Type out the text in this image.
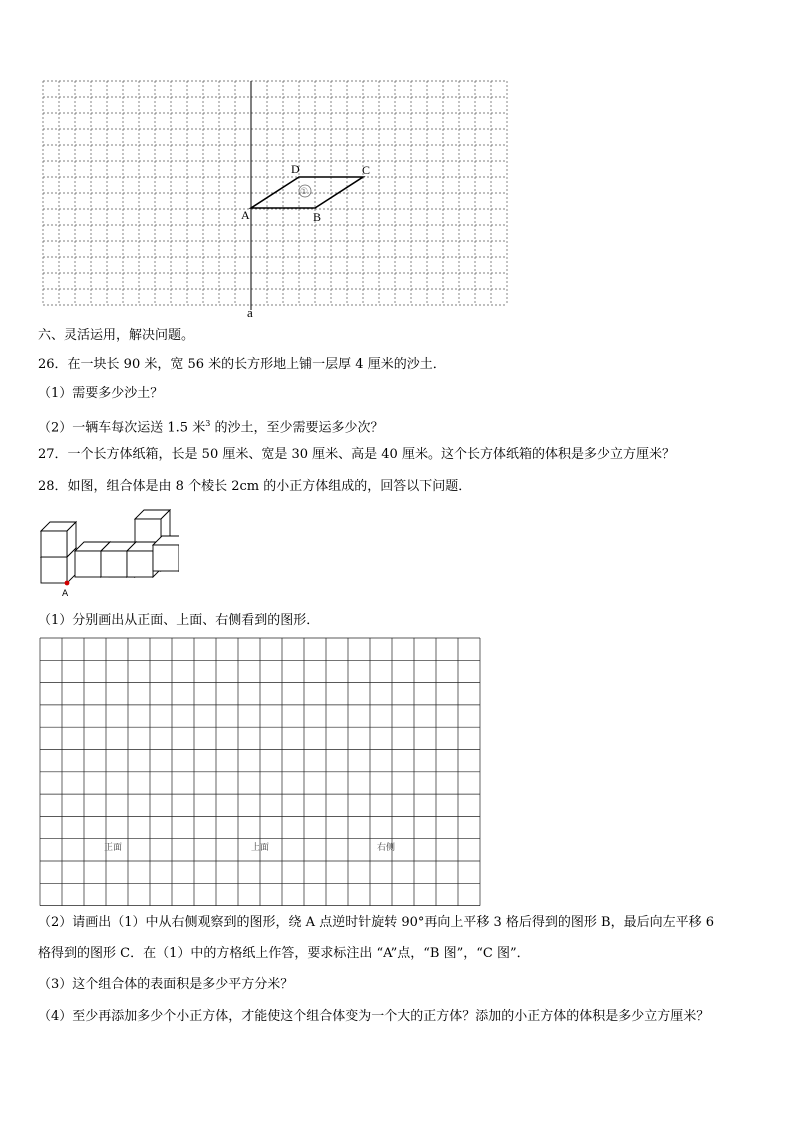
A	B
C
D
①
a
六、灵活运用，解决问题。
26．在一块长 90 米，宽 56 米的长方形地上铺一层厚 4 厘米的沙土．
（1）需要多少沙土？
（2）一辆车每次运送 1.5 米$^3$ 的沙土，至少需要运多少次？
27．一个长方体纸箱，长是 50 厘米、宽是 30 厘米、高是 40 厘米。这个长方体纸箱的体积是多少立方厘米？
28．如图，组合体是由 8 个棱长 2cm 的小正方体组成的，回答以下问题．
A
（1）分别画出从正面、上面、右侧看到的图形．
正面	上面	右侧
（2）请画出（1）中从右侧观察到的图形，绕 A 点逆时针旋转 90°再向上平移 3 格后得到的图形 B，最后向左平移 6
格得到的图形 C．在（1）中的方格纸上作答，要求标注出 “A”点，“B 图”，“C 图”．
（3）这个组合体的表面积是多少平方分米？
（4）至少再添加多少个小正方体，才能使这个组合体变为一个大的正方体？添加的小正方体的体积是多少立方厘米？
